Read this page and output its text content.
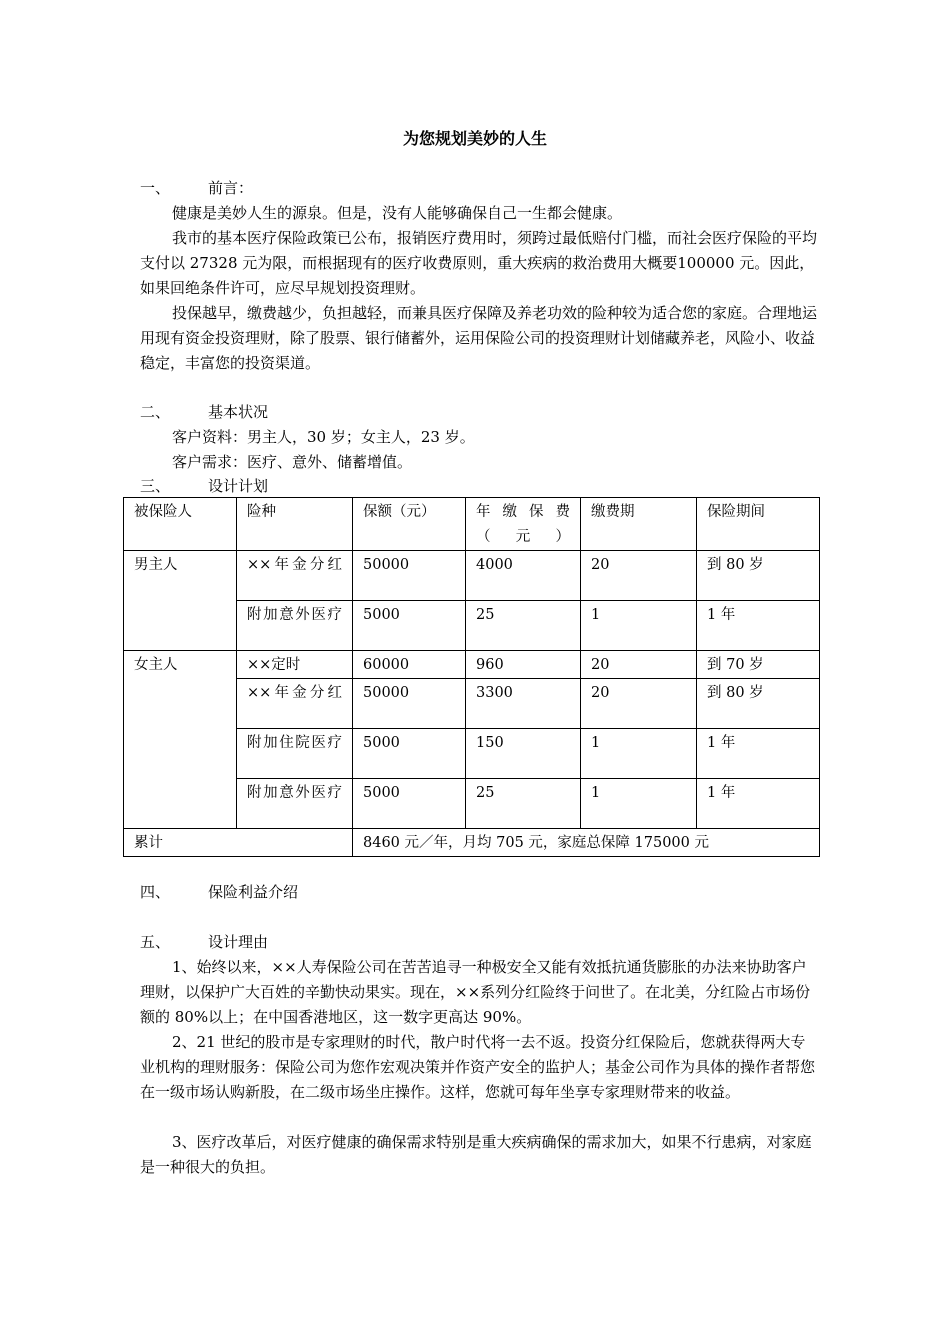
为您规划美妙的人生
一、	前言：

健康是美妙人生的源泉。但是，没有人能够确保自己一生都会健康。

我市的基本医疗保险政策已公布，报销医疗费用时，须跨过最低赔付门槛，而社会医疗保险的平均支付以 27328 元为限，而根据现有的医疗收费原则，重大疾病的救治费用大概要100000 元。因此，如果回绝条件许可，应尽早规划投资理财。

投保越早，缴费越少，负担越轻，而兼具医疗保障及养老功效的险种较为适合您的家庭。合理地运用现有资金投资理财，除了股票、银行储蓄外，运用保险公司的投资理财计划储藏养老，风险小、收益稳定，丰富您的投资渠道。

二、	基本状况

客户资料：男主人，30 岁；女主人，23 岁。

客户需求：医疗、意外、储蓄增值。

三、	设计计划
被保险人	险种	保额（元）	年缴保费（元）	缴费期	保险期间
男主人	××年金分红	50000	4000	20	到 80 岁
	附加意外医疗	5000	25	1	1 年
女主人	××定时	60000	960	20	到 70 岁
	××年金分红	50000	3300	20	到 80 岁
	附加住院医疗	5000	150	1	1 年
	附加意外医疗	5000	25	1	1 年
累计		8460 元／年，月均 705 元，家庭总保障 175000 元			
四、	保险利益介绍
五、	设计理由

1、始终以来，××人寿保险公司在苦苦追寻一种极安全又能有效抵抗通货膨胀的办法来协助客户理财，以保护广大百姓的辛勤快动果实。现在，××系列分红险终于问世了。在北美，分红险占市场份额的 80%以上；在中国香港地区，这一数字更高达 90%。

2、21 世纪的股市是专家理财的时代，散户时代将一去不返。投资分红保险后，您就获得两大专业机构的理财服务：保险公司为您作宏观决策并作资产安全的监护人；基金公司作为具体的操作者帮您在一级市场认购新股，在二级市场坐庄操作。这样，您就可每年坐享专家理财带来的收益。

3、医疗改革后，对医疗健康的确保需求特别是重大疾病确保的需求加大，如果不行患病，对家庭是一种很大的负担。
